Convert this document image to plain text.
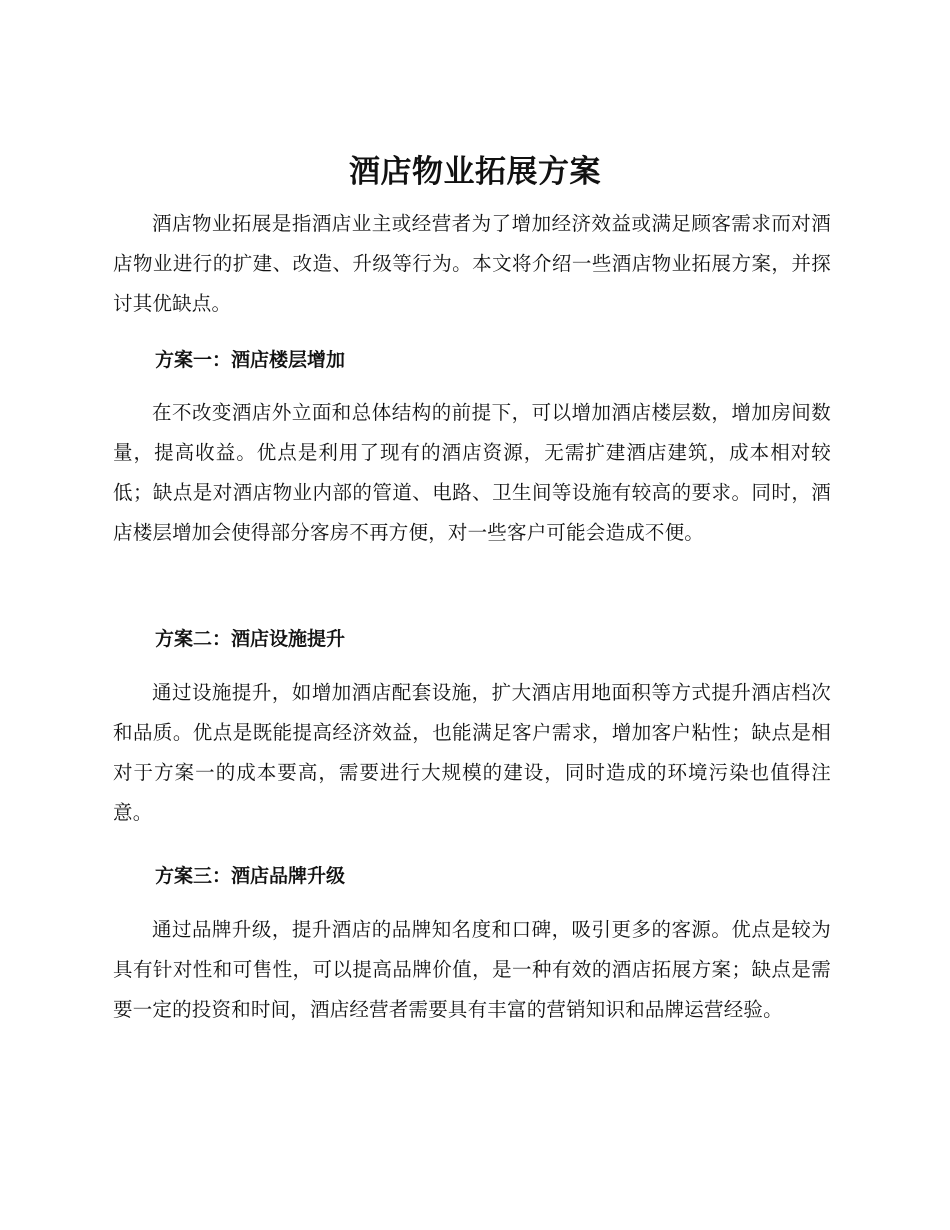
酒店物业拓展方案

酒店物业拓展是指酒店业主或经营者为了增加经济效益或满足顾客需求而对酒店物业进行的扩建、改造、升级等行为。本文将介绍一些酒店物业拓展方案，并探讨其优缺点。

方案一：酒店楼层增加

在不改变酒店外立面和总体结构的前提下，可以增加酒店楼层数，增加房间数量，提高收益。优点是利用了现有的酒店资源，无需扩建酒店建筑，成本相对较低；缺点是对酒店物业内部的管道、电路、卫生间等设施有较高的要求。同时，酒店楼层增加会使得部分客房不再方便，对一些客户可能会造成不便。

方案二：酒店设施提升

通过设施提升，如增加酒店配套设施，扩大酒店用地面积等方式提升酒店档次和品质。优点是既能提高经济效益，也能满足客户需求，增加客户粘性；缺点是相对于方案一的成本要高，需要进行大规模的建设，同时造成的环境污染也值得注意。

方案三：酒店品牌升级

通过品牌升级，提升酒店的品牌知名度和口碑，吸引更多的客源。优点是较为具有针对性和可售性，可以提高品牌价值，是一种有效的酒店拓展方案；缺点是需要一定的投资和时间，酒店经营者需要具有丰富的营销知识和品牌运营经验。
